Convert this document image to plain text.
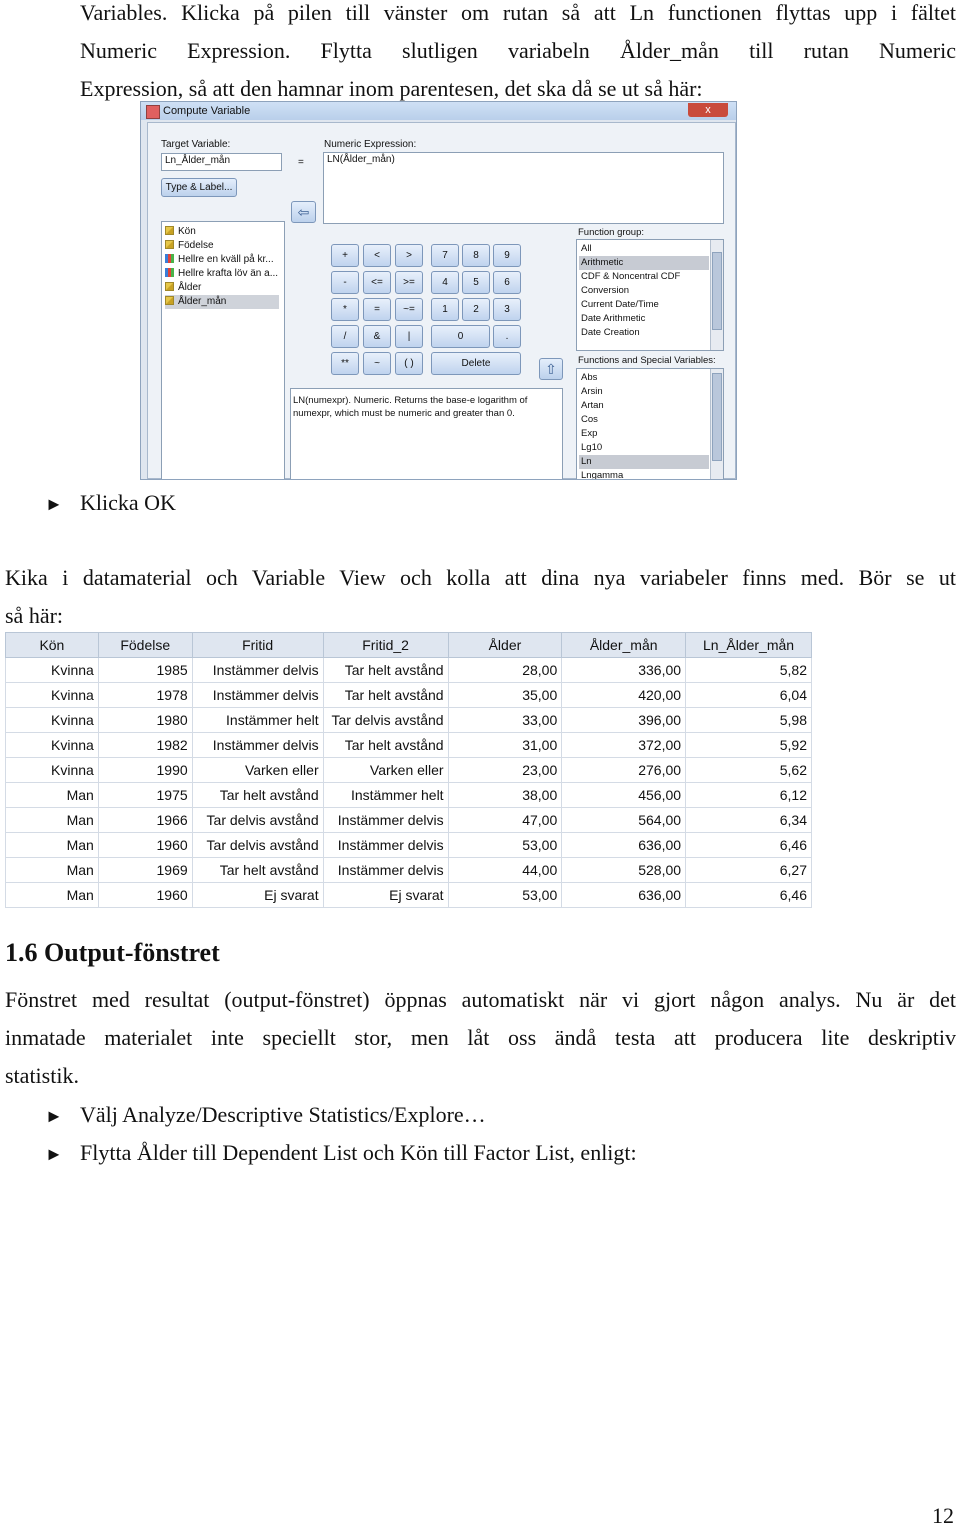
Variables. Klicka på pilen till vänster om rutan så att Ln functionen flyttas upp i fältet
Numeric Expression. Flytta slutligen variabeln Ålder_mån till rutan Numeric
Expression, så att den hamnar inom parentesen, det ska då se ut så här:
Compute Variable	x
Target Variable:
Ln_Ålder_mån	=
Numeric Expression:
LN(Ålder_mån)
Type & Label...
Kön
Födelse
Hellre en kväll på kr...
Hellre krafta löv än a...
Ålder
Ålder_mån
⇦
+	<	>	7	8	9
-	<=	>=	4	5	6
*	=	~=	1	2	3
/	&	|	0	.
**	~	( )	Delete	⇧
LN(numexpr). Numeric. Returns the base-e logarithm of
numexpr, which must be numeric and greater than 0.
Function group:
All
Arithmetic
CDF & Noncentral CDF
Conversion
Current Date/Time
Date Arithmetic
Date Creation
Functions and Special Variables:
Abs
Arsin
Artan
Cos
Exp
Lg10
Ln
Lngamma
► Klicka OK
Kika i datamaterial och Variable View och kolla att dina nya variabeler finns med. Bör se ut
så här:
Kön	Födelse	Fritid	Fritid_2	Ålder	Ålder_mån	Ln_Ålder_mån
Kvinna	1985	Instämmer delvis	Tar helt avstånd	28,00	336,00	5,82
Kvinna	1978	Instämmer delvis	Tar helt avstånd	35,00	420,00	6,04
Kvinna	1980	Instämmer helt	Tar delvis avstånd	33,00	396,00	5,98
Kvinna	1982	Instämmer delvis	Tar helt avstånd	31,00	372,00	5,92
Kvinna	1990	Varken eller	Varken eller	23,00	276,00	5,62
Man	1975	Tar helt avstånd	Instämmer helt	38,00	456,00	6,12
Man	1966	Tar delvis avstånd	Instämmer delvis	47,00	564,00	6,34
Man	1960	Tar delvis avstånd	Instämmer delvis	53,00	636,00	6,46
Man	1969	Tar helt avstånd	Instämmer delvis	44,00	528,00	6,27
Man	1960	Ej svarat	Ej svarat	53,00	636,00	6,46
1.6 Output-fönstret
Fönstret med resultat (output-fönstret) öppnas automatiskt när vi gjort någon analys. Nu är det
inmatade materialet inte speciellt stor, men låt oss ändå testa att producera lite deskriptiv
statistik.
► Välj Analyze/Descriptive Statistics/Explore…
► Flytta Ålder till Dependent List och Kön till Factor List, enligt:
12
